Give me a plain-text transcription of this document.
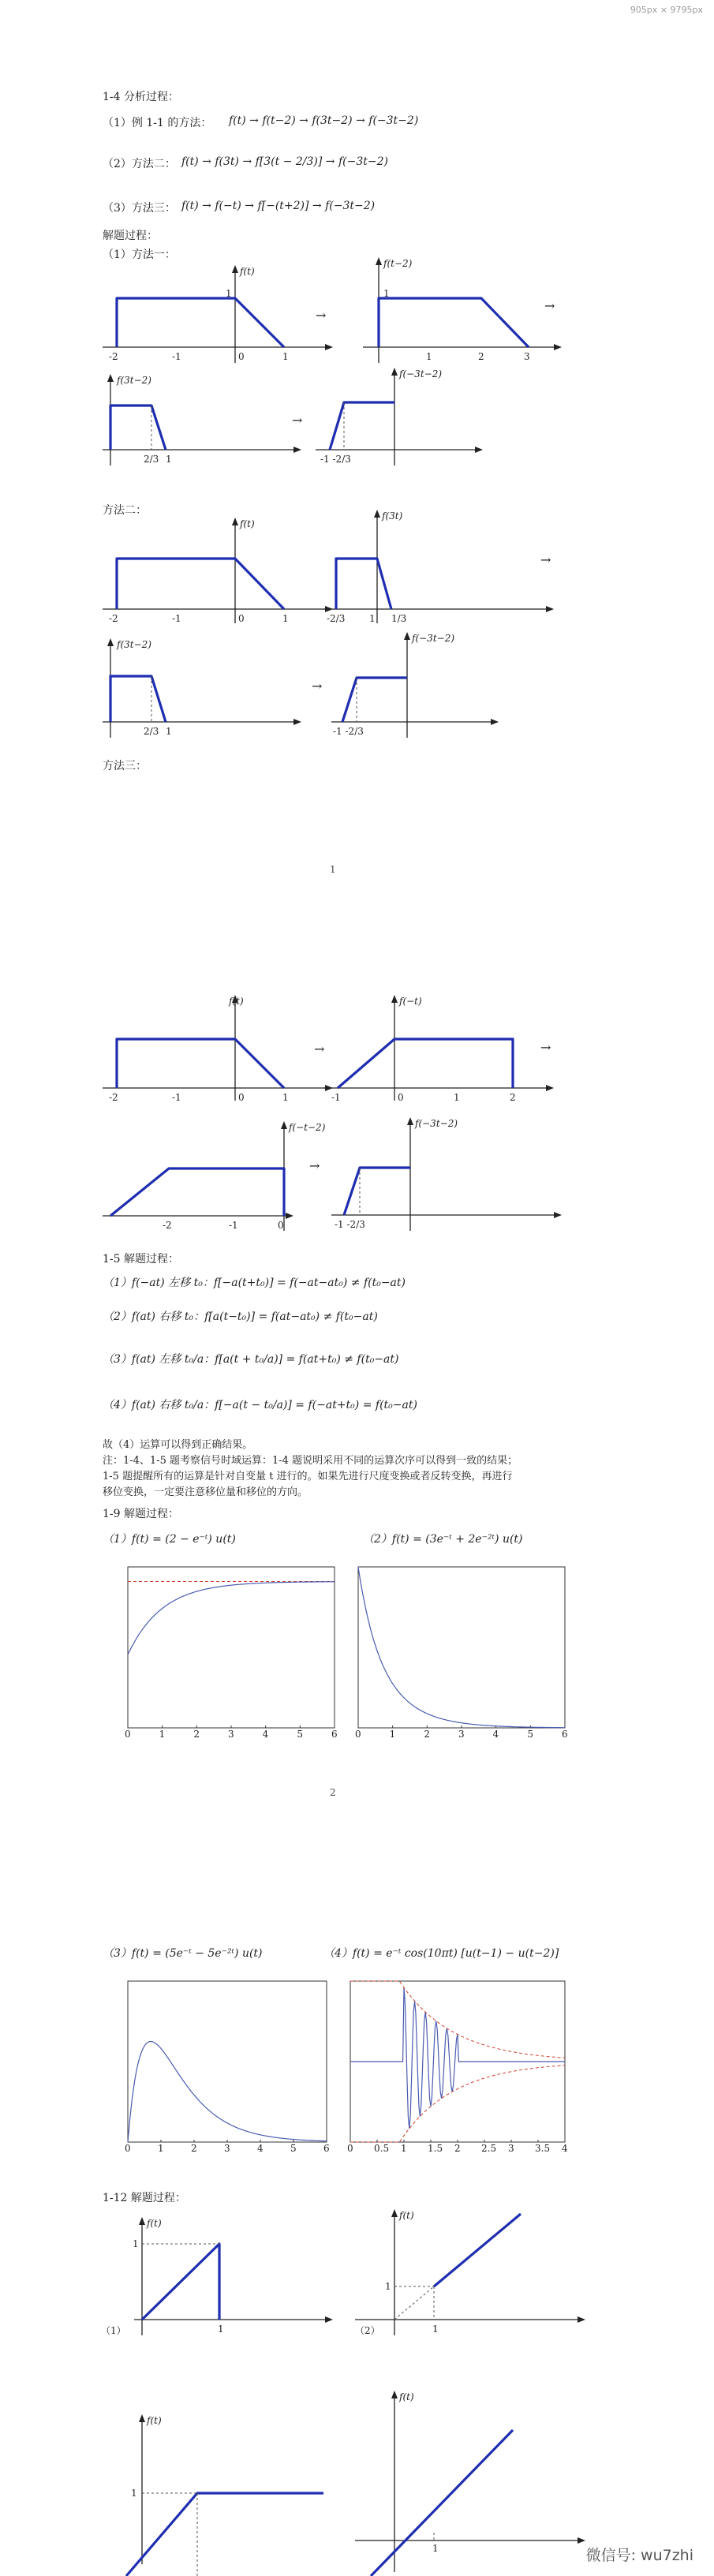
905px × 9795px
1-4 分析过程：
（1）例 1-1 的方法： f(t) → f(t−2) → f(3t−2) → f(−3t−2)
（2）方法二： f(t) → f(3t) → f[3(t − 2/3)] → f(−3t−2)
（3）方法三： f(t) → f(−t) → f[−(t+2)] → f(−3t−2)
解题过程：
（1）方法一：
f(t)
-2	-1	0	1
1
→
f(t−2)
1	2	3
1
→
f(3t−2)
2/3 1
→
f(−3t−2)
-1 -2/3
方法二：
f(t)
-2	-1	0	1
f(3t)
-2/3	1/3
1
→
f(3t−2)
2/3 1
→
f(−3t−2)
-1 -2/3
方法三：
1
f(t)
-2	-1	0	1
→
f(−t)
-1	0	1	2
→
f(−t−2)
-2	-1	0
→
f(−3t−2)
-1 -2/3
1-5 解题过程：
（1）f(−at) 左移 t₀：f[−a(t+t₀)] = f(−at−at₀) ≠ f(t₀−at)
（2）f(at) 右移 t₀：f[a(t−t₀)] = f(at−at₀) ≠ f(t₀−at)
（3）f(at) 左移 t₀/a：f[a(t + t₀/a)] = f(at+t₀) ≠ f(t₀−at)
（4）f(at) 右移 t₀/a：f[−a(t − t₀/a)] = f(−at+t₀) = f(t₀−at)
故（4）运算可以得到正确结果。
注：1-4、1-5 题考察信号时域运算：1-4 题说明采用不同的运算次序可以得到一致的结果；
1-5 题提醒所有的运算是针对自变量 t 进行的。如果先进行尺度变换或者反转变换，再进行
移位变换，一定要注意移位量和移位的方向。
1-9 解题过程：
（1）f(t) = (2 − e⁻ᵗ) u(t)	（2）f(t) = (3e⁻ᵗ + 2e⁻²ᵗ) u(t)
0	1	2	3	4	5	6 0	1	2	3	4	5	6
2
（3）f(t) = (5e⁻ᵗ − 5e⁻²ᵗ) u(t)	（4）f(t) = e⁻ᵗ cos(10πt) [u(t−1) − u(t−2)]
0	1	2	3	4	5	6 0 0.5 1 1.5 2 2.5 3 3.5 4
1-12 解题过程：
f(t)
1
1
（1）
f(t)
1
1
（2）
f(t)
1
f(t)
1	微信号: wu7zhi
